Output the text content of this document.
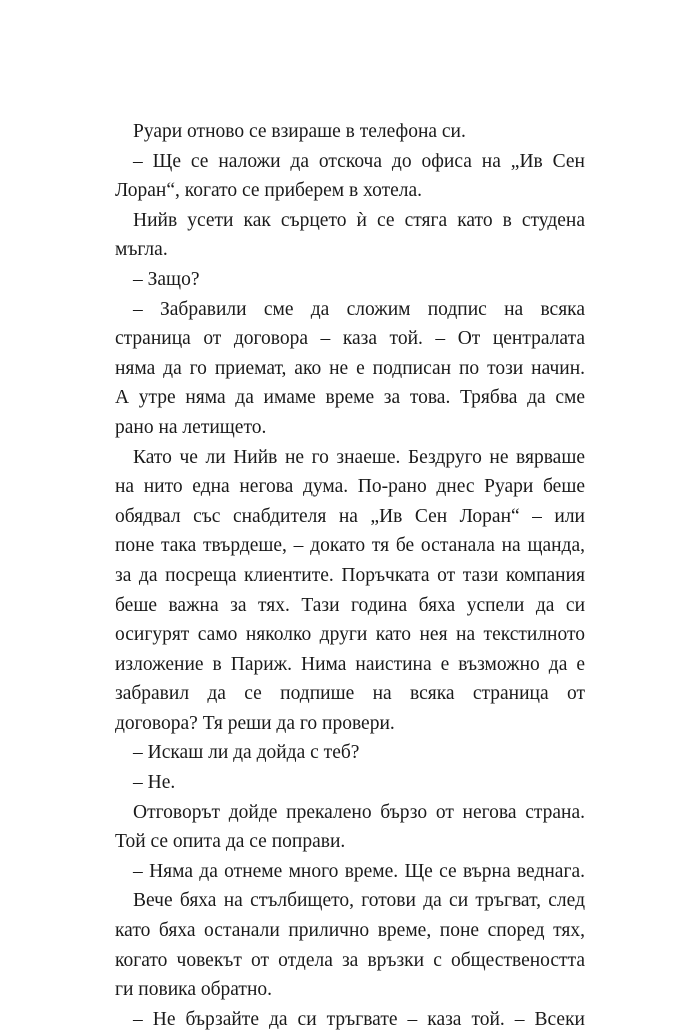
Руари отново се взираше в телефона си.
– Ще се наложи да отскоча до офиса на „Ив Сен
Лоран“, когато се приберем в хотела.
Нийв усети как сърцето ѝ се стяга като в студена
мъгла.
– Защо?
– Забравили сме да сложим подпис на всяка
страница от договора – каза той. – От централата
няма да го приемат, ако не е подписан по този начин.
А утре няма да имаме време за това. Трябва да сме
рано на летището.
Като че ли Нийв не го знаеше. Бездруго не вярваше
на нито една негова дума. По-рано днес Руари беше
обядвал със снабдителя на „Ив Сен Лоран“ – или
поне така твърдеше, – докато тя бе останала на щанда,
за да посреща клиентите. Поръчката от тази компания
беше важна за тях. Тази година бяха успели да си
осигурят само няколко други като нея на текстилното
изложение в Париж. Нима наистина е възможно да е
забравил да се подпише на всяка страница от
договора? Тя реши да го провери.
– Искаш ли да дойда с теб?
– Не.
Отговорът дойде прекалено бързо от негова страна.
Той се опита да се поправи.
– Няма да отнеме много време. Ще се върна веднага.
Вече бяха на стълбището, готови да си тръгват, след
като бяха останали прилично време, поне според тях,
когато човекът от отдела за връзки с обществеността
ги повика обратно.
– Не бързайте да си тръгвате – каза той. – Всеки
